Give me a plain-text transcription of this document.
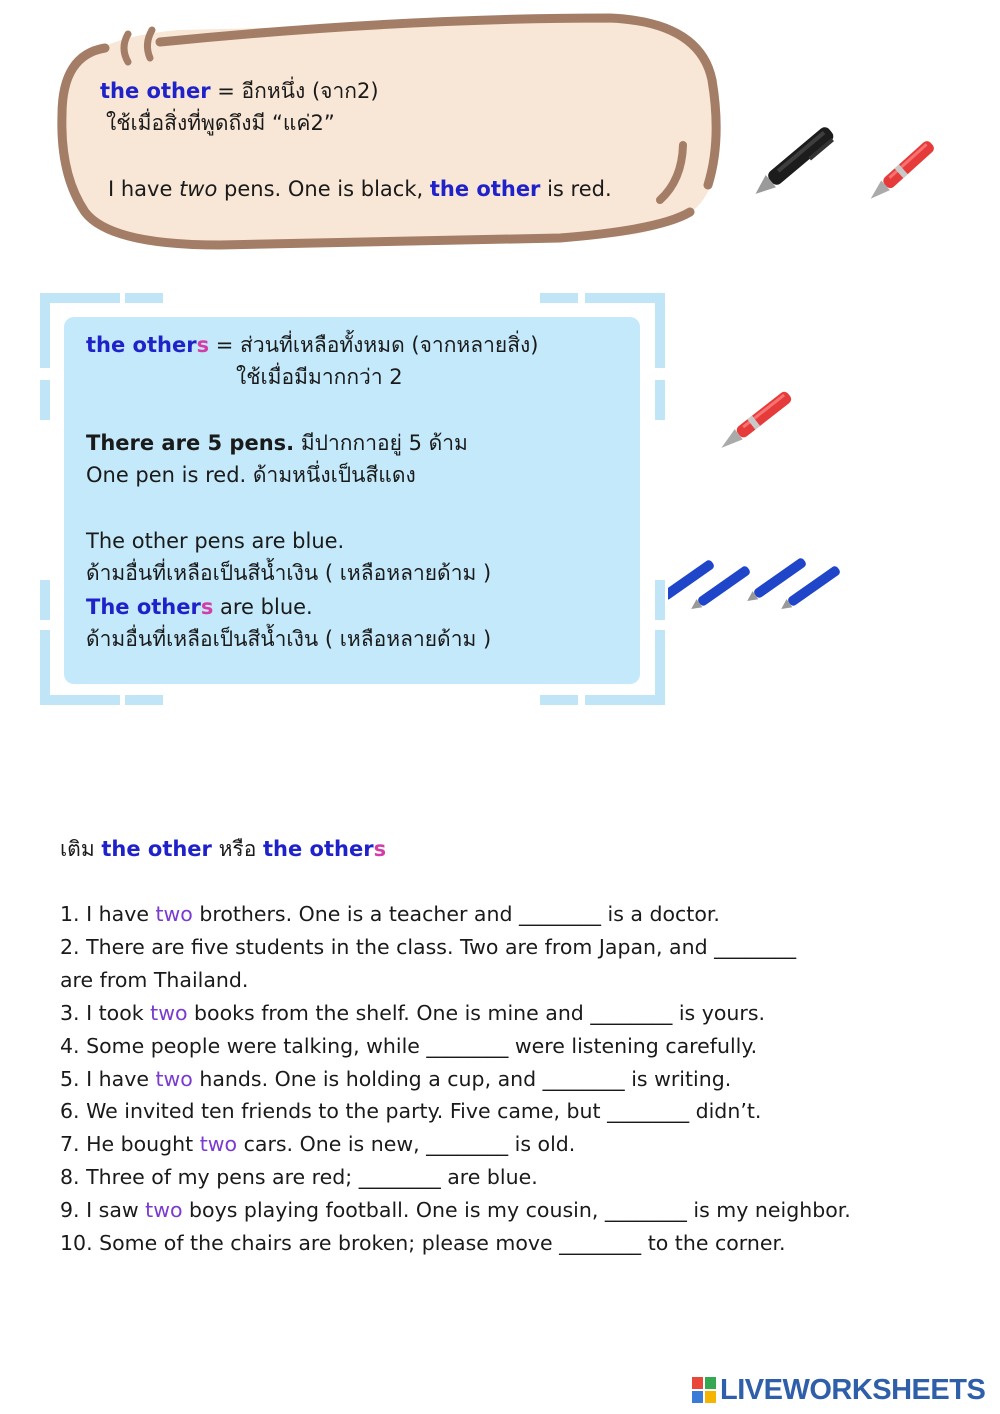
the other = อีกหนึ่ง (จาก2)
ใช้เมื่อสิ่งที่พูดถึงมี “แค่2”
I have two pens. One is black, the other is red.
the others = ส่วนที่เหลือทั้งหมด (จากหลายสิ่ง)
ใช้เมื่อมีมากกว่า 2
There are 5 pens. มีปากกาอยู่ 5 ด้าม
One pen is red. ด้ามหนึ่งเป็นสีแดง
The other pens are blue.
ด้ามอื่นที่เหลือเป็นสีน้ำเงิน ( เหลือหลายด้าม )
The others are blue.
ด้ามอื่นที่เหลือเป็นสีน้ำเงิน ( เหลือหลายด้าม )
เติม the other หรือ the others
1. I have two brothers. One is a teacher and ________ is a doctor.
2. There are five students in the class. Two are from Japan, and ________
are from Thailand.
3. I took two books from the shelf. One is mine and ________ is yours.
4. Some people were talking, while ________ were listening carefully.
5. I have two hands. One is holding a cup, and ________ is writing.
6. We invited ten friends to the party. Five came, but ________ didn’t.
7. He bought two cars. One is new, ________ is old.
8. Three of my pens are red; ________ are blue.
9. I saw two boys playing football. One is my cousin, ________ is my neighbor.
10. Some of the chairs are broken; please move ________ to the corner.
LIVEWORKSHEETS
